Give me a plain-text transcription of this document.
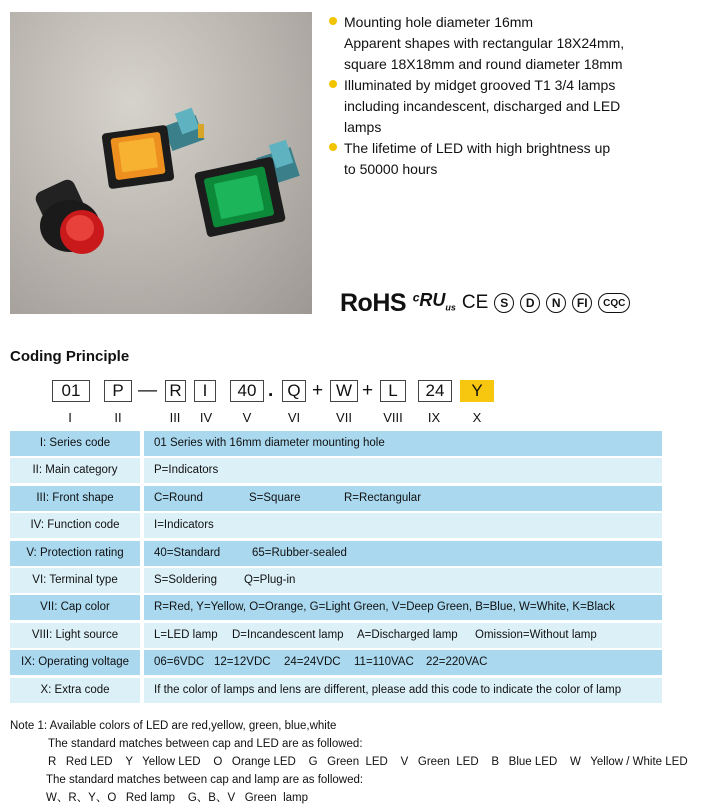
Mounting hole diameter 16mm
Apparent shapes with rectangular 18X24mm,
square 18X18mm and round diameter 18mm
Illuminated by midget grooved T1 3/4 lamps
including incandescent, discharged and LED
lamps
The lifetime of LED with high brightness up
to 50000 hours
RoHS ᶜRU$_{us}$ CE S	D	N	FI	CQC
Coding Principle
01	P — R	I	40 . Q + W + L	24	Y
I	II	III	IV	V	VI	VII	VIII	IX	X
I: Series code	01 Series with 16mm diameter mounting hole
II: Main category	P=Indicators
III: Front shape	C=Round	S=Square	R=Rectangular
IV: Function code	I=Indicators
V: Protection rating	40=Standard	65=Rubber-sealed
VI: Terminal type	S=Soldering Q=Plug-in
VII: Cap color	R=Red, Y=Yellow, O=Orange, G=Light Green, V=Deep Green, B=Blue, W=White, K=Black
VIII: Light source	L=LED lamp D=Incandescent lamp A=Discharged lamp Omission=Without lamp
IX: Operating voltage	06=6VDC 12=12VDC 24=24VDC 11=110VAC 22=220VAC
X: Extra code	If the color of lamps and lens are different, please add this code to indicate the color of lamp
Note 1: Available colors of LED are red,yellow, green, blue,white
The standard matches between cap and LED are as followed:
R   Red LED Y   Yellow LED O   Orange LED G   Green  LED V   Green  LED B   Blue LED W   Yellow / White LED
The standard matches between cap and lamp are as followed:
W、R、Y、O   Red lamp G、B、V   Green  lamp
